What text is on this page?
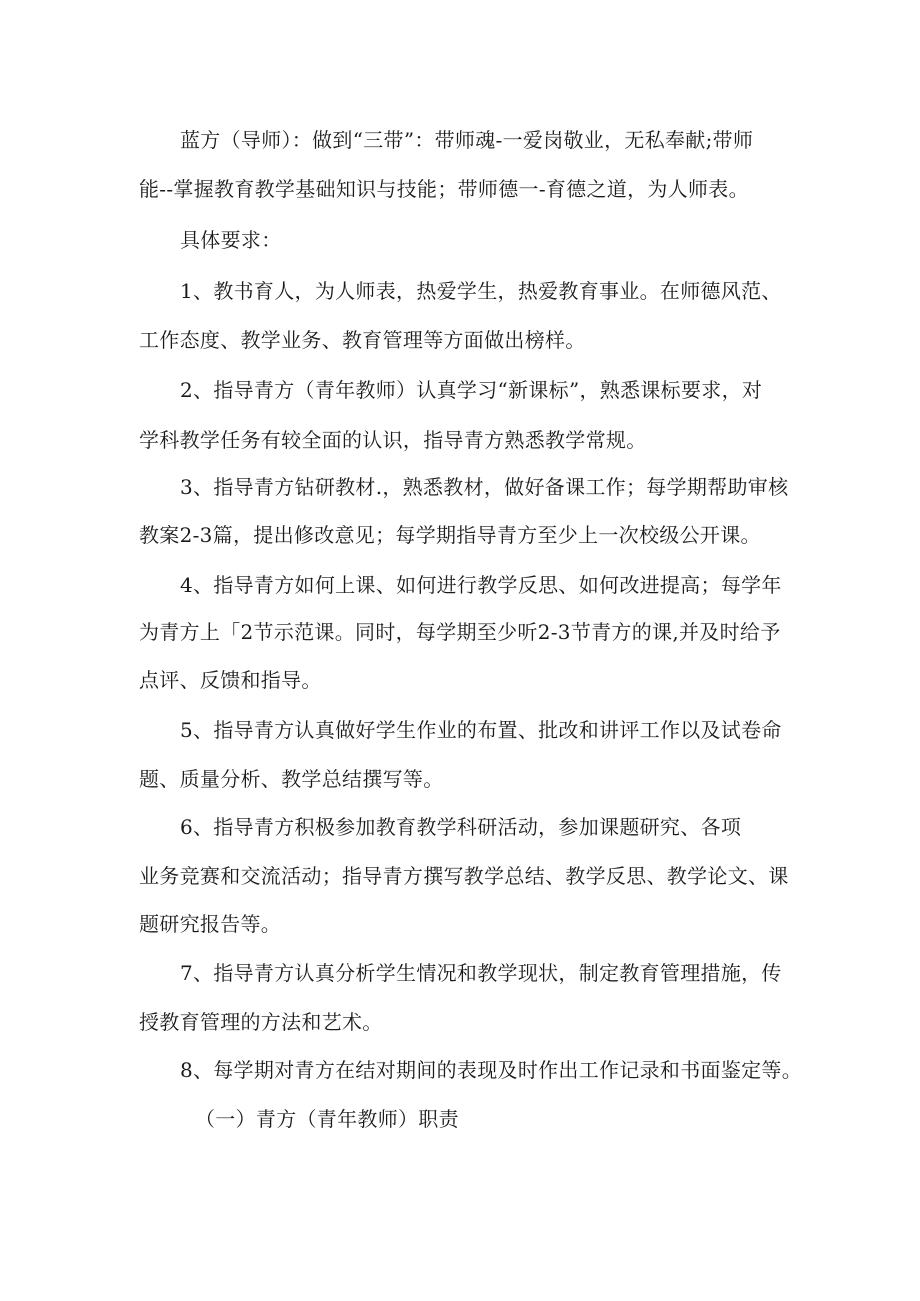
蓝方（导师）：做到“三带”：带师魂-一爱岗敬业，无私奉献;带师
能--掌握教育教学基础知识与技能；带师德一-育德之道，为人师表。
具体要求：
1、教书育人，为人师表，热爱学生，热爱教育事业。在师德风范、
工作态度、教学业务、教育管理等方面做出榜样。
2、指导青方（青年教师）认真学习“新课标”，熟悉课标要求，对
学科教学任务有较全面的认识，指导青方熟悉教学常规。
3、指导青方钻研教材.，熟悉教材，做好备课工作；每学期帮助审核
教案2-3篇，提出修改意见；每学期指导青方至少上一次校级公开课。
4、指导青方如何上课、如何进行教学反思、如何改进提高；每学年
为青方上「2节示范课。同时，每学期至少听2-3节青方的课,并及时给予
点评、反馈和指导。
5、指导青方认真做好学生作业的布置、批改和讲评工作以及试卷命
题、质量分析、教学总结撰写等。
6、指导青方积极参加教育教学科研活动，参加课题研究、各项
业务竞赛和交流活动；指导青方撰写教学总结、教学反思、教学论文、课
题研究报告等。
7、指导青方认真分析学生情况和教学现状，制定教育管理措施，传
授教育管理的方法和艺术。
8、每学期对青方在结对期间的表现及时作出工作记录和书面鉴定等。
（一）青方（青年教师）职责
